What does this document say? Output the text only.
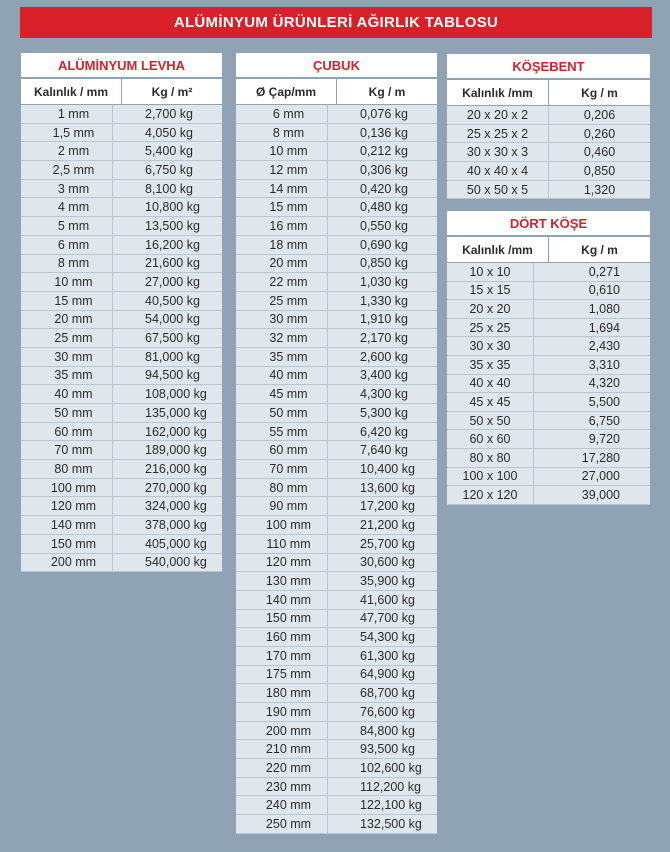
ALÜMİNYUM ÜRÜNLERİ AĞIRLIK TABLOSU
ALÜMİNYUM LEVHA
Kalınlık / mm	Kg / m²
1 mm	2,700 kg
1,5 mm	4,050 kg
2 mm	5,400 kg
2,5 mm	6,750 kg
3 mm	8,100 kg
4 mm	10,800 kg
5 mm	13,500 kg
6 mm	16,200 kg
8 mm	21,600 kg
10 mm	27,000 kg
15 mm	40,500 kg
20 mm	54,000 kg
25 mm	67,500 kg
30 mm	81,000 kg
35 mm	94,500 kg
40 mm	108,000 kg
50 mm	135,000 kg
60 mm	162,000 kg
70 mm	189,000 kg
80 mm	216,000 kg
100 mm	270,000 kg
120 mm	324,000 kg
140 mm	378,000 kg
150 mm	405,000 kg
200 mm	540,000 kg
ÇUBUK
Ø Çap/mm	Kg / m
6 mm	0,076 kg
8 mm	0,136 kg
10 mm	0,212 kg
12 mm	0,306 kg
14 mm	0,420 kg
15 mm	0,480 kg
16 mm	0,550 kg
18 mm	0,690 kg
20 mm	0,850 kg
22 mm	1,030 kg
25 mm	1,330 kg
30 mm	1,910 kg
32 mm	2,170 kg
35 mm	2,600 kg
40 mm	3,400 kg
45 mm	4,300 kg
50 mm	5,300 kg
55 mm	6,420 kg
60 mm	7,640 kg
70 mm	10,400 kg
80 mm	13,600 kg
90 mm	17,200 kg
100 mm	21,200 kg
110 mm	25,700 kg
120 mm	30,600 kg
130 mm	35,900 kg
140 mm	41,600 kg
150 mm	47,700 kg
160 mm	54,300 kg
170 mm	61,300 kg
175 mm	64,900 kg
180 mm	68,700 kg
190 mm	76,600 kg
200 mm	84,800 kg
210 mm	93,500 kg
220 mm	102,600 kg
230 mm	112,200 kg
240 mm	122,100 kg
250 mm	132,500 kg
KÖŞEBENT
Kalınlık /mm	Kg / m
20 x 20 x 2	0,206
25 x 25 x 2	0,260
30 x 30 x 3	0,460
40 x 40 x 4	0,850
50 x 50 x 5	1,320
DÖRT KÖŞE
Kalınlık /mm	Kg / m
10 x 10	0,271
15 x 15	0,610
20 x 20	1,080
25 x 25	1,694
30 x 30	2,430
35 x 35	3,310
40 x 40	4,320
45 x 45	5,500
50 x 50	6,750
60 x 60	9,720
80 x 80	17,280
100 x 100	27,000
120 x 120	39,000
